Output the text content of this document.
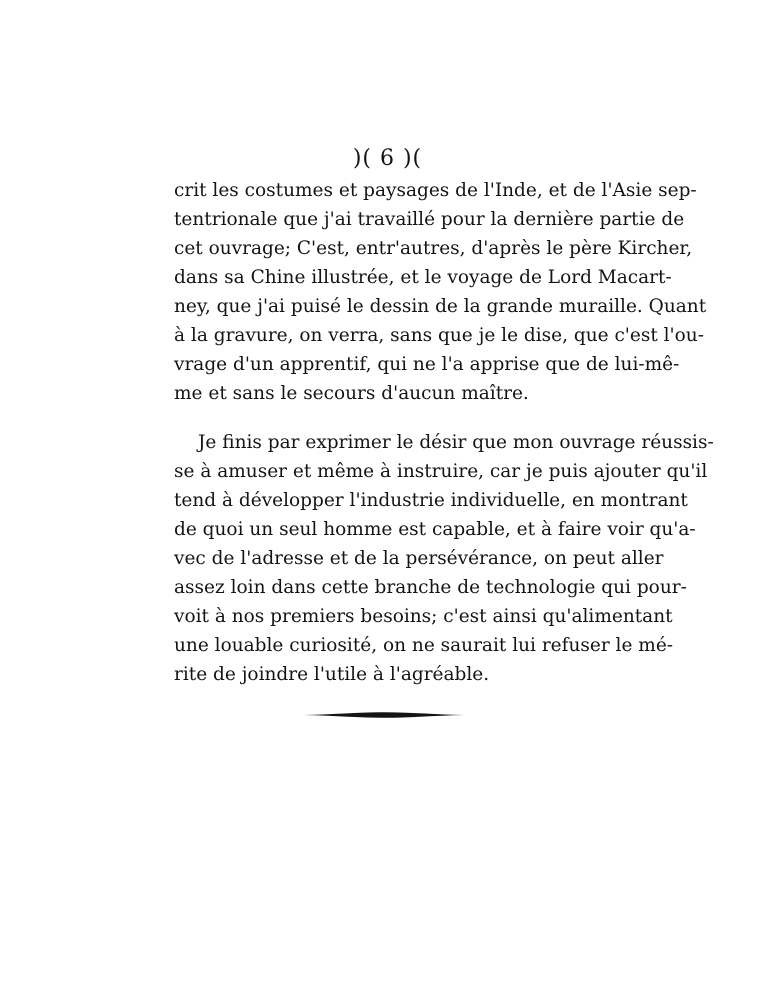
)( 6 )(
crit les costumes et paysages de l'Inde, et de l'Asie sep-
tentrionale que j'ai travaillé pour la dernière partie de
cet ouvrage; C'est, entr'autres, d'après le père Kircher,
dans sa Chine illustrée, et le voyage de Lord Macart-
ney, que j'ai puisé le dessin de la grande muraille. Quant
à la gravure, on verra, sans que je le dise, que c'est l'ou-
vrage d'un apprentif, qui ne l'a apprise que de lui-mê-
me et sans le secours d'aucun maître.
Je finis par exprimer le désir que mon ouvrage réussis-
se à amuser et même à instruire, car je puis ajouter qu'il
tend à développer l'industrie individuelle, en montrant
de quoi un seul homme est capable, et à faire voir qu'a-
vec de l'adresse et de la persévérance, on peut aller
assez loin dans cette branche de technologie qui pour-
voit à nos premiers besoins; c'est ainsi qu'alimentant
une louable curiosité, on ne saurait lui refuser le mé-
rite de joindre l'utile à l'agréable.
